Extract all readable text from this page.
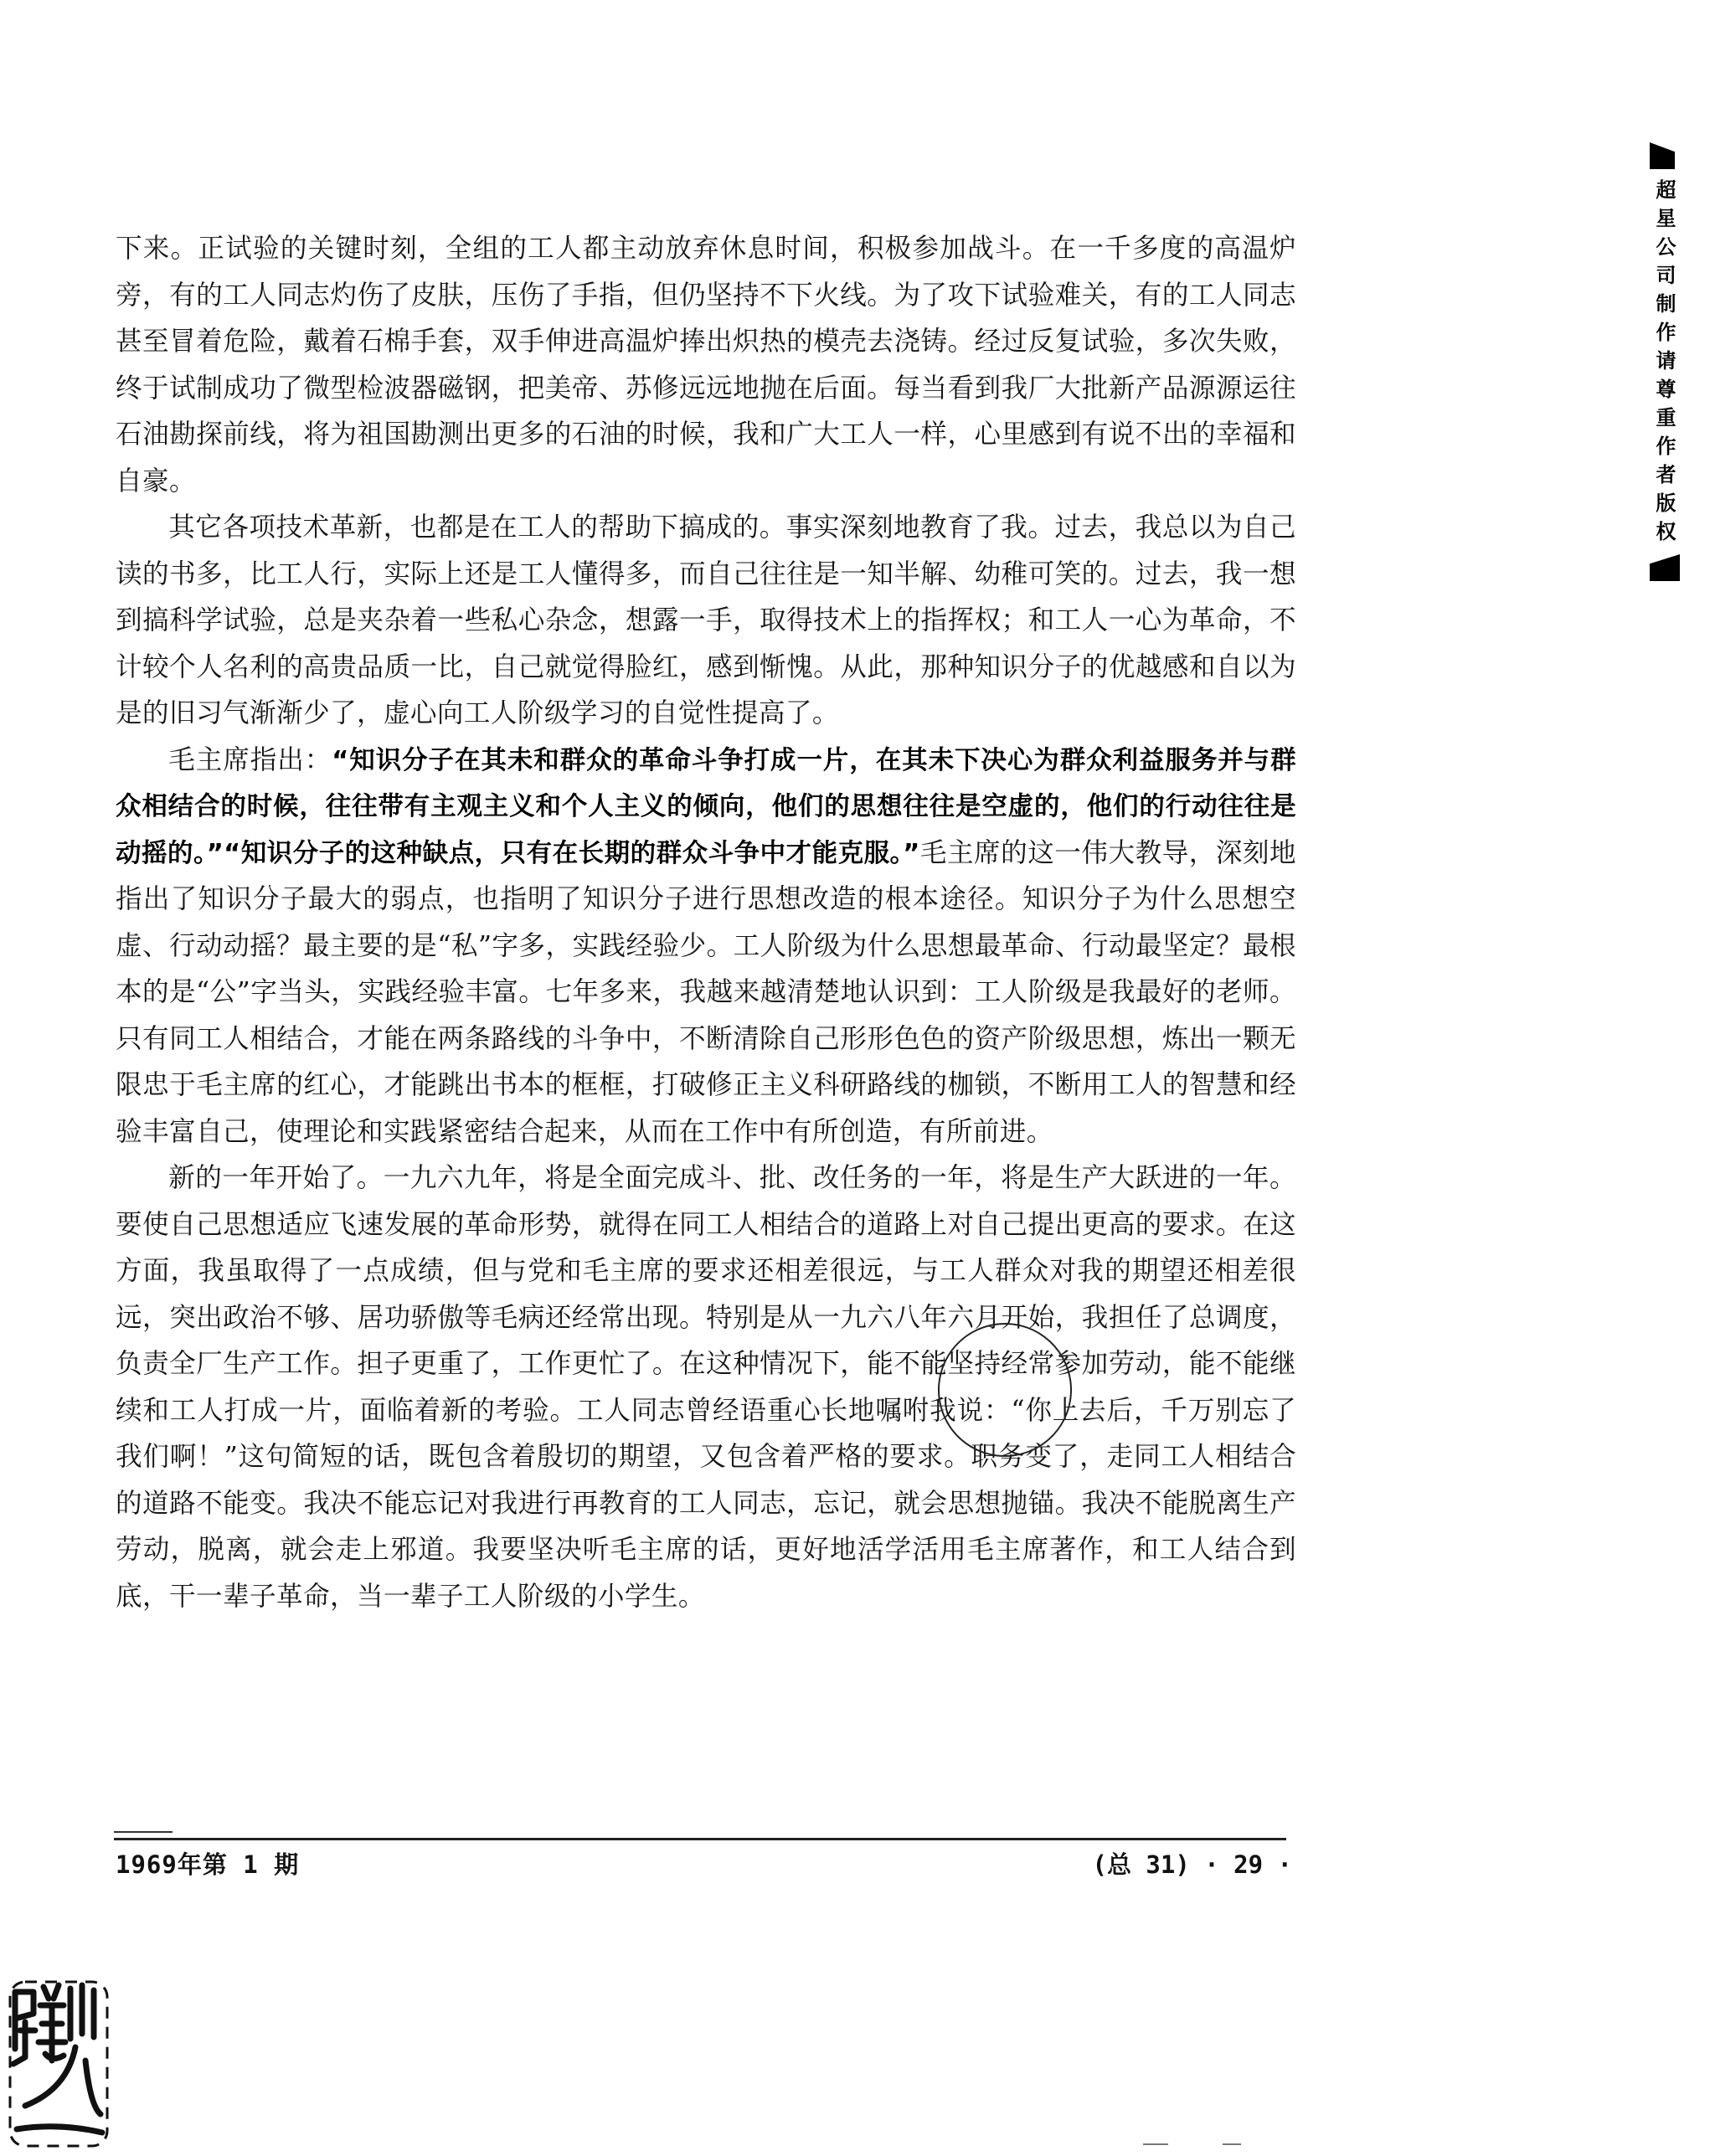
下来。正试验的关键时刻，全组的工人都主动放弃休息时间，积极参加战斗。在一千多度的高温炉旁，有的工人同志灼伤了皮肤，压伤了手指，但仍坚持不下火线。为了攻下试验难关，有的工人同志甚至冒着危险，戴着石棉手套，双手伸进高温炉捧出炽热的模壳去浇铸。经过反复试验，多次失败，终于试制成功了微型检波器磁钢，把美帝、苏修远远地抛在后面。每当看到我厂大批新产品源源运往石油勘探前线，将为祖国勘测出更多的石油的时候，我和广大工人一样，心里感到有说不出的幸福和自豪。

其它各项技术革新，也都是在工人的帮助下搞成的。事实深刻地教育了我。过去，我总以为自己读的书多，比工人行，实际上还是工人懂得多，而自己往往是一知半解、幼稚可笑的。过去，我一想到搞科学试验，总是夹杂着一些私心杂念，想露一手，取得技术上的指挥权；和工人一心为革命，不计较个人名利的高贵品质一比，自己就觉得脸红，感到惭愧。从此，那种知识分子的优越感和自以为是的旧习气渐渐少了，虚心向工人阶级学习的自觉性提高了。

毛主席指出：“知识分子在其未和群众的革命斗争打成一片，在其未下决心为群众利益服务并与群众相结合的时候，往往带有主观主义和个人主义的倾向，他们的思想往往是空虚的，他们的行动往往是动摇的。”“知识分子的这种缺点，只有在长期的群众斗争中才能克服。”毛主席的这一伟大教导，深刻地指出了知识分子最大的弱点，也指明了知识分子进行思想改造的根本途径。知识分子为什么思想空虚、行动动摇？最主要的是“私”字多，实践经验少。工人阶级为什么思想最革命、行动最坚定？最根本的是“公”字当头，实践经验丰富。七年多来，我越来越清楚地认识到：工人阶级是我最好的老师。只有同工人相结合，才能在两条路线的斗争中，不断清除自己形形色色的资产阶级思想，炼出一颗无限忠于毛主席的红心，才能跳出书本的框框，打破修正主义科研路线的枷锁，不断用工人的智慧和经验丰富自己，使理论和实践紧密结合起来，从而在工作中有所创造，有所前进。

新的一年开始了。一九六九年，将是全面完成斗、批、改任务的一年，将是生产大跃进的一年。要使自己思想适应飞速发展的革命形势，就得在同工人相结合的道路上对自己提出更高的要求。在这方面，我虽取得了一点成绩，但与党和毛主席的要求还相差很远，与工人群众对我的期望还相差很远，突出政治不够、居功骄傲等毛病还经常出现。特别是从一九六八年六月开始，我担任了总调度，负责全厂生产工作。担子更重了，工作更忙了。在这种情况下，能不能坚持经常参加劳动，能不能继续和工人打成一片，面临着新的考验。工人同志曾经语重心长地嘱咐我说：“你上去后，千万别忘了我们啊！”这句简短的话，既包含着殷切的期望，又包含着严格的要求。职务变了，走同工人相结合的道路不能变。我决不能忘记对我进行再教育的工人同志，忘记，就会思想抛锚。我决不能脱离生产劳动，脱离，就会走上邪道。我要坚决听毛主席的话，更好地活学活用毛主席著作，和工人结合到底，干一辈子革命，当一辈子工人阶级的小学生。

1969年第 1 期	(总 31) · 29 ·
超星公司制作请尊重作者版权
